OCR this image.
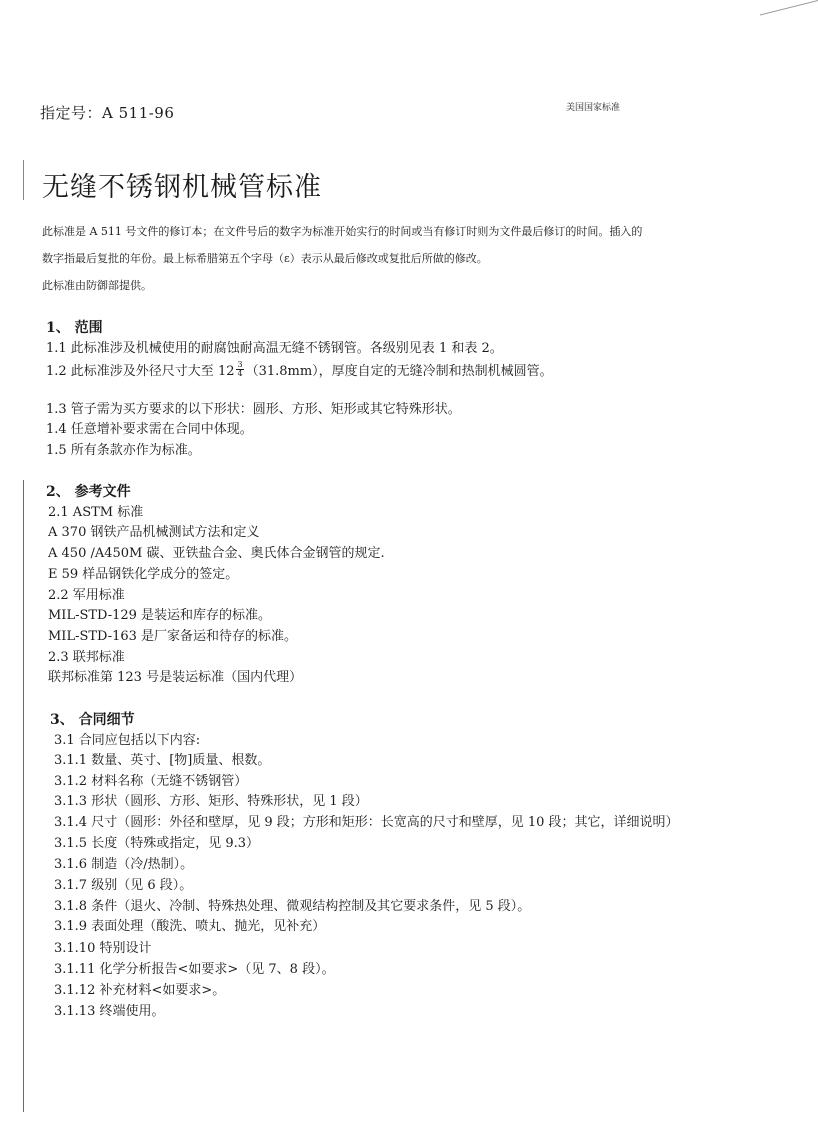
指定号：A 511-96	美国国家标准
无缝不锈钢机械管标准
此标准是 A 511 号文件的修订本；在文件号后的数字为标准开始实行的时间或当有修订时则为文件最后修订的时间。插入的
数字指最后复批的年份。最上标希腊第五个字母（ε）表示从最后修改或复批后所做的修改。
此标准由防御部提供。
1、 范围
1.1 此标准涉及机械使用的耐腐蚀耐高温无缝不锈钢管。各级别见表 1 和表 2。
1.2 此标准涉及外径尺寸大至 $12 \frac{3}{4} (31.8mm)$，厚度自定的无缝冷制和热制机械圆管。
1.3 管子需为买方要求的以下形状：圆形、方形、矩形或其它特殊形状。
1.4 任意增补要求需在合同中体现。
1.5 所有条款亦作为标准。
2、 参考文件
2.1 ASTM 标准
A 370 钢铁产品机械测试方法和定义
A 450 /A450M 碳、亚铁盐合金、奥氏体合金钢管的规定.
E 59 样品钢铁化学成分的签定。
2.2 军用标准
MIL-STD-129 是装运和库存的标准。
MIL-STD-163 是厂家备运和待存的标准。
2.3 联邦标准
联邦标准第 123 号是装运标准（国内代理）
3、 合同细节
3.1 合同应包括以下内容:
3.1.1 数量、英寸、[物]质量、根数。
3.1.2 材料名称（无缝不锈钢管）
3.1.3 形状（圆形、方形、矩形、特殊形状，见 1 段）
3.1.4 尺寸（圆形：外径和壁厚，见 9 段；方形和矩形：长宽高的尺寸和壁厚，见 10 段；其它，详细说明）
3.1.5 长度（特殊或指定，见 9.3）
3.1.6 制造（冷/热制）。
3.1.7 级别（见 6 段）。
3.1.8 条件（退火、冷制、特殊热处理、微观结构控制及其它要求条件，见 5 段）。
3.1.9 表面处理（酸洗、喷丸、抛光，见补充）
3.1.10 特别设计
3.1.11 化学分析报告<如要求>（见 7、8 段）。
3.1.12 补充材料<如要求>。
3.1.13 终端使用。
